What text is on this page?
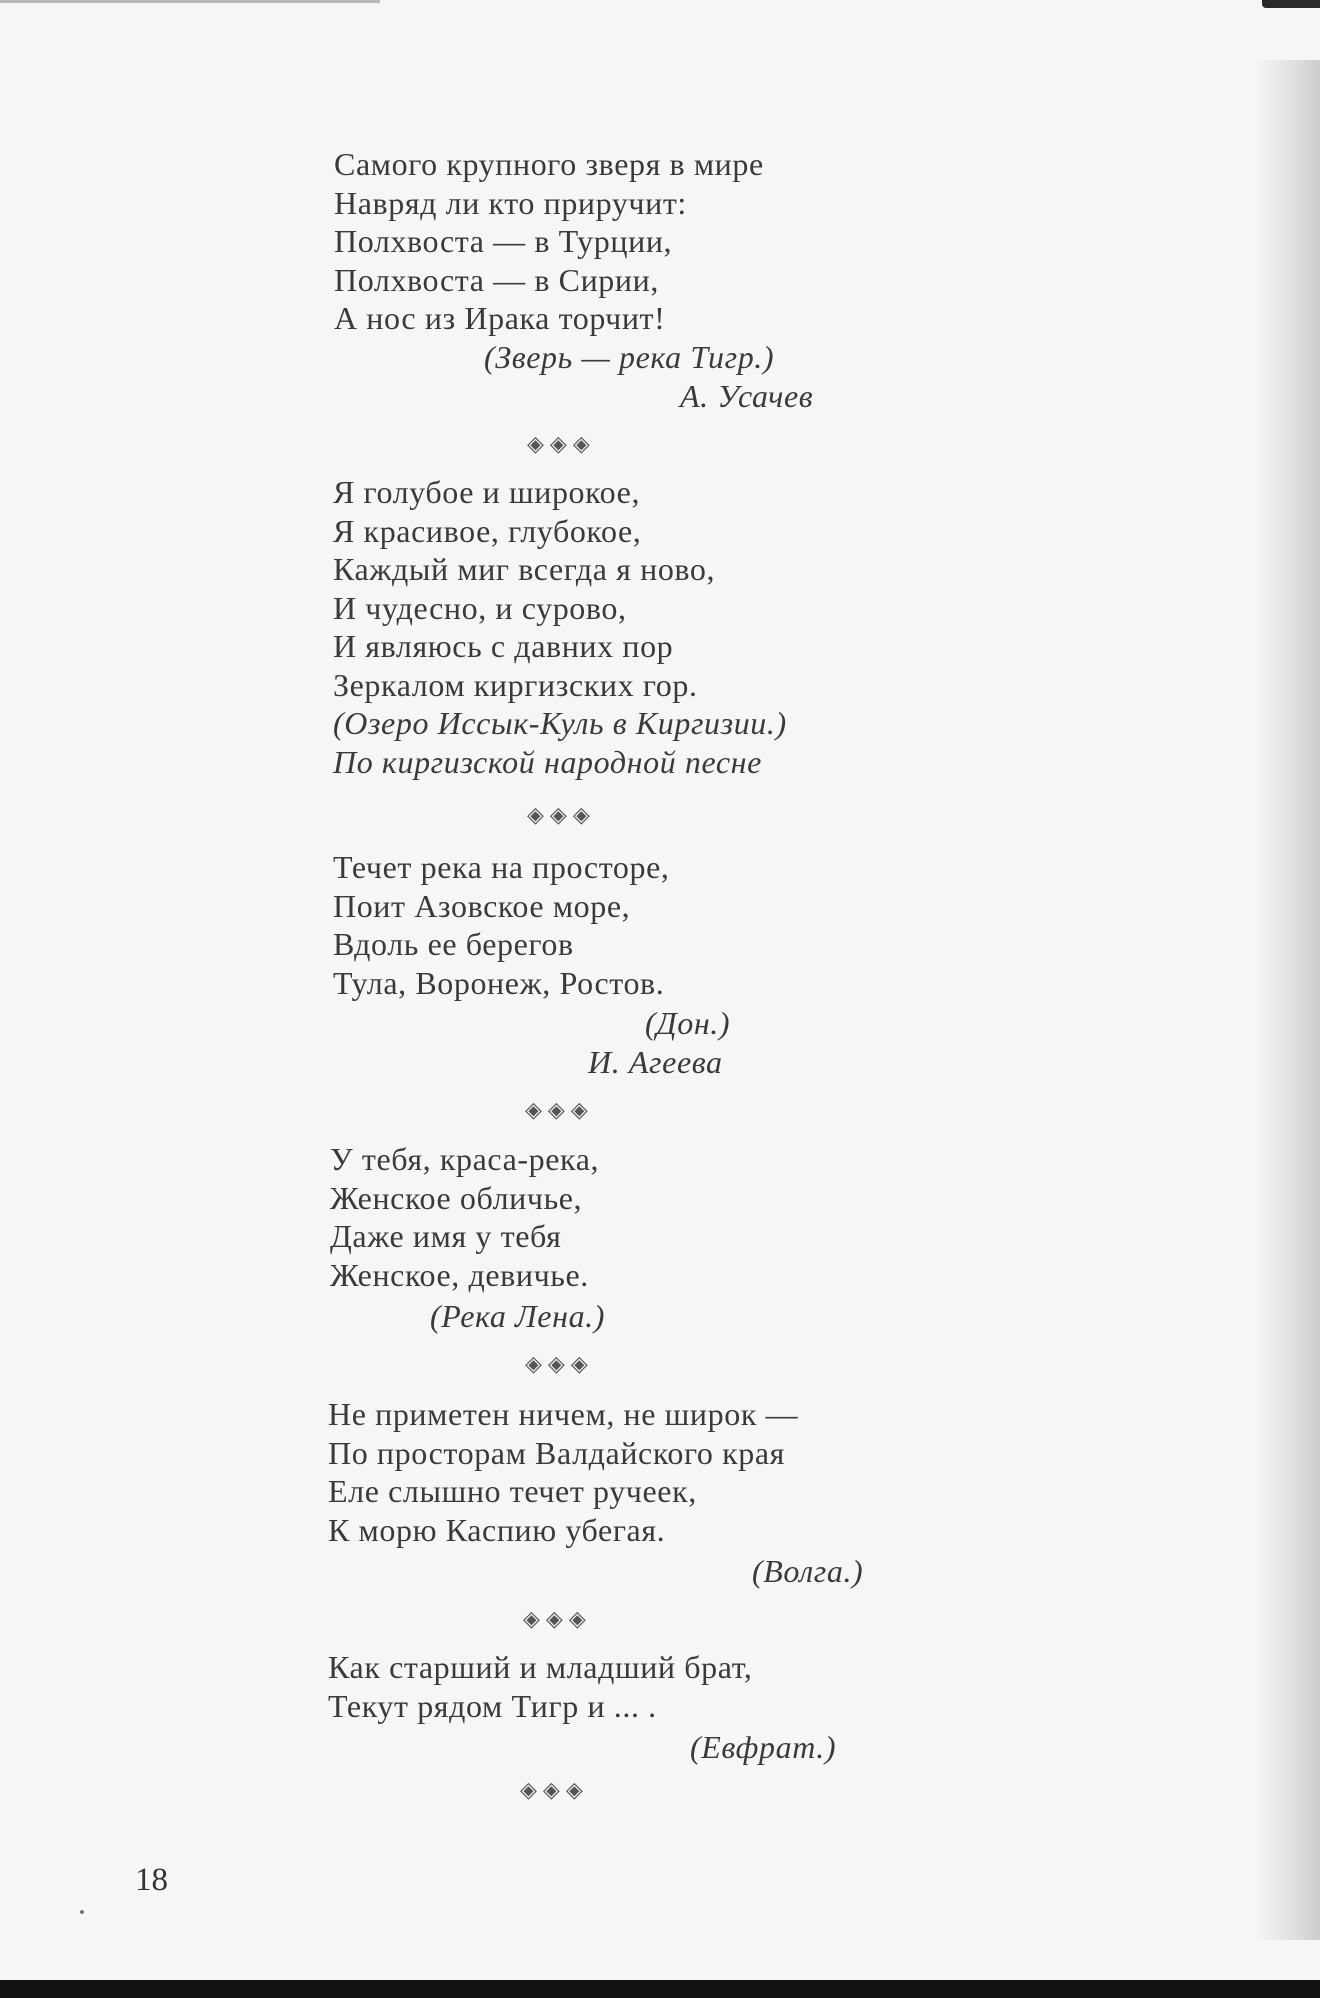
Самого крупного зверя в мире
Навряд ли кто приручит:
Полхвоста — в Турции,
Полхвоста — в Сирии,
А нос из Ирака торчит!
(Зверь — река Тигр.)
А. Усачев
◈◈◈
Я голубое и широкое,
Я красивое, глубокое,
Каждый миг всегда я ново,
И чудесно, и сурово,
И являюсь с давних пор
Зеркалом киргизских гор.
(Озеро Иссык-Куль в Киргизии.)
По киргизской народной песне
◈◈◈
Течет река на просторе,
Поит Азовское море,
Вдоль ее берегов
Тула, Воронеж, Ростов.
(Дон.)
И. Агеева
◈◈◈
У тебя, краса-река,
Женское обличье,
Даже имя у тебя
Женское, девичье.
(Река Лена.)
◈◈◈
Не приметен ничем, не широк —
По просторам Валдайского края
Еле слышно течет ручеек,
К морю Каспию убегая.
(Волга.)
◈◈◈
Как старший и младший брат,
Текут рядом Тигр и ... .
(Евфрат.)
◈◈◈
18
